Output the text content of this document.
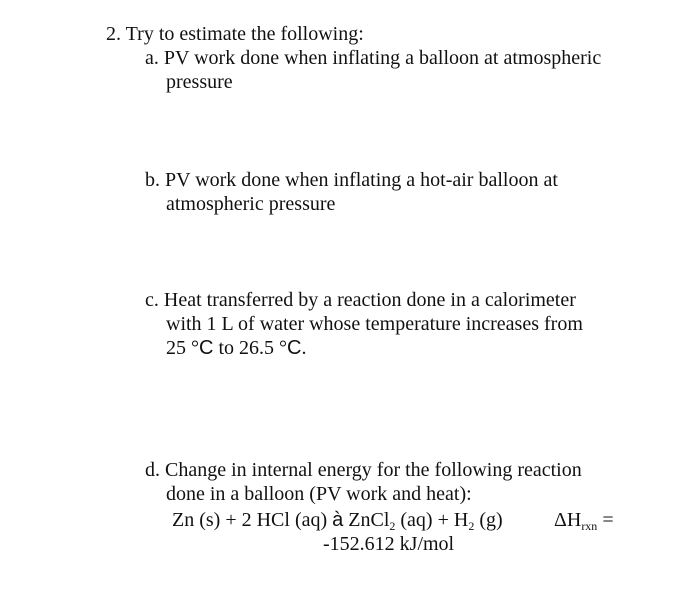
2. Try to estimate the following:
a. PV work done when inflating a balloon at atmospheric
pressure
b. PV work done when inflating a hot-air balloon at
atmospheric pressure
c. Heat transferred by a reaction done in a calorimeter
with 1 L of water whose temperature increases from
25 °C to 26.5 °C.
d. Change in internal energy for the following reaction
done in a balloon (PV work and heat):
Zn (s) + 2 HCl (aq) à ZnCl$_2$ $(aq) + H_2$ (g)	$\Delta H_{rxn}$ =
-152.612 kJ/mol
